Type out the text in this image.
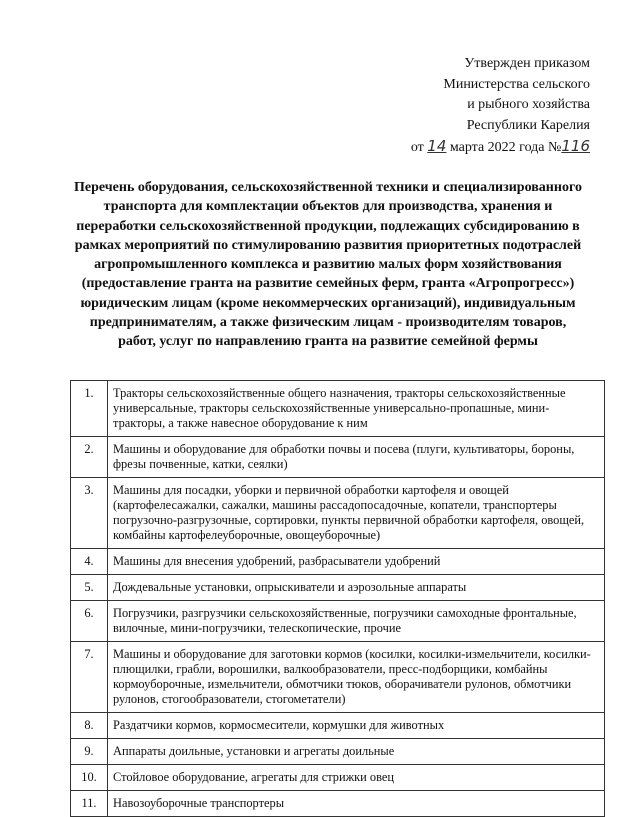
Утвержден приказом
Министерства сельского
и рыбного хозяйства
Республики Карелия
от 14 марта 2022 года №116
Перечень оборудования, сельскохозяйственной техники и специализированного транспорта для комплектации объектов для производства, хранения и переработки сельскохозяйственной продукции, подлежащих субсидированию в рамках мероприятий по стимулированию развития приоритетных подотраслей агропромышленного комплекса и развитию малых форм хозяйствования (предоставление гранта на развитие семейных ферм, гранта «Агропрогресс») юридическим лицам (кроме некоммерческих организаций), индивидуальным предпринимателям, а также физическим лицам - производителям товаров, работ, услуг по направлению гранта на развитие семейной фермы
1.	Тракторы сельскохозяйственные общего назначения, тракторы сельскохозяйственные универсальные, тракторы сельскохозяйственные универсально-пропашные, мини-тракторы, а также навесное оборудование к ним
2.	Машины и оборудование для обработки почвы и посева (плуги, культиваторы, бороны, фрезы почвенные, катки, сеялки)
3.	Машины для посадки, уборки и первичной обработки картофеля и овощей (картофелесажалки, сажалки, машины рассадопосадочные, копатели, транспортеры погрузочно-разгрузочные, сортировки, пункты первичной обработки картофеля, овощей, комбайны картофелеуборочные, овощеуборочные)
4.	Машины для внесения удобрений, разбрасыватели удобрений
5.	Дождевальные установки, опрыскиватели и аэрозольные аппараты
6.	Погрузчики, разгрузчики сельскохозяйственные, погрузчики самоходные фронтальные, вилочные, мини-погрузчики, телескопические, прочие
7.	Машины и оборудование для заготовки кормов (косилки, косилки-измельчители, косилки-плющилки, грабли, ворошилки, валкообразователи, пресс-подборщики, комбайны кормоуборочные, измельчители, обмотчики тюков, оборачиватели рулонов, обмотчики рулонов, стогообразователи, стогометатели)
8.	Раздатчики кормов, кормосмесители, кормушки для животных
9.	Аппараты доильные, установки и агрегаты доильные
10.	Стойловое оборудование, агрегаты для стрижки овец
11.	Навозоуборочные транспортеры
